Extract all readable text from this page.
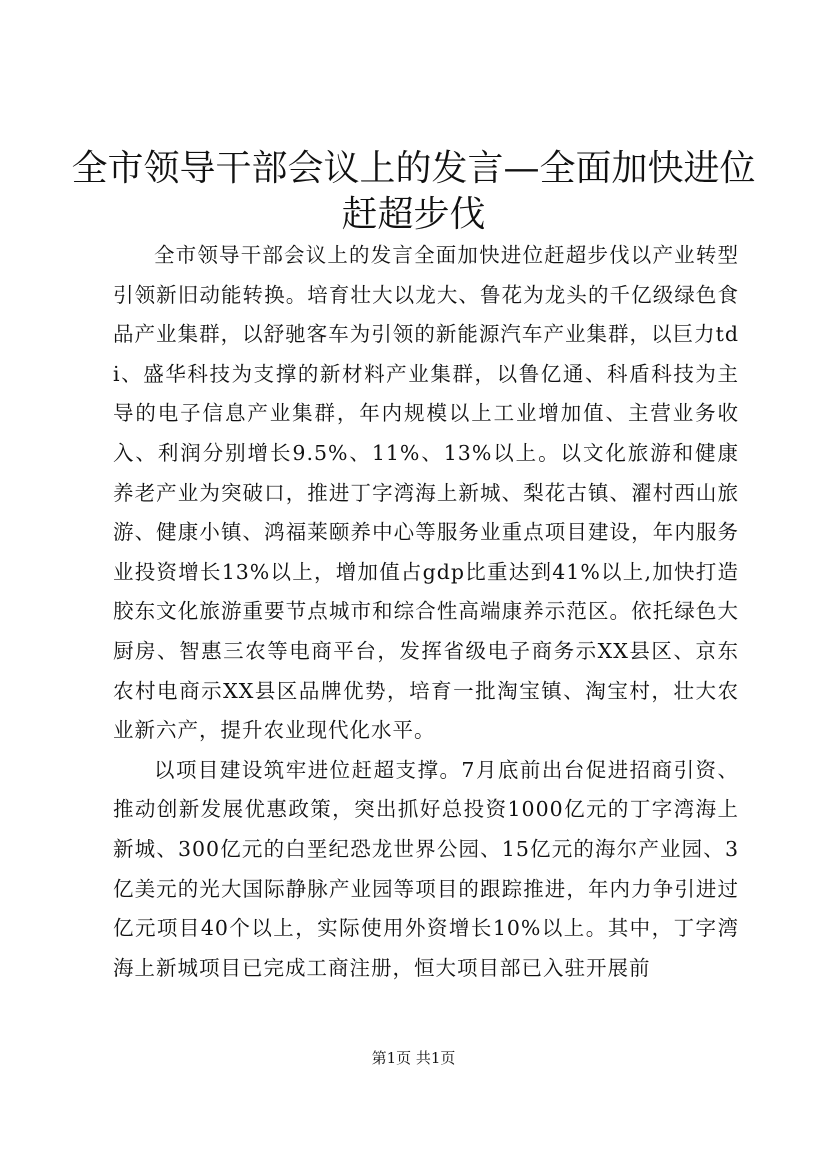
全市领导干部会议上的发言—全面加快进位赶超步伐

全市领导干部会议上的发言全面加快进位赶超步伐以产业转型引领新旧动能转换。培育壮大以龙大、鲁花为龙头的千亿级绿色食品产业集群，以舒驰客车为引领的新能源汽车产业集群，以巨力tdi、盛华科技为支撑的新材料产业集群，以鲁亿通、科盾科技为主导的电子信息产业集群，年内规模以上工业增加值、主营业务收入、利润分别增长9.5%、11%、13%以上。以文化旅游和健康养老产业为突破口，推进丁字湾海上新城、梨花古镇、濯村西山旅游、健康小镇、鸿福莱颐养中心等服务业重点项目建设，年内服务业投资增长13%以上，增加值占gdp比重达到41%以上,加快打造胶东文化旅游重要节点城市和综合性高端康养示范区。依托绿色大厨房、智惠三农等电商平台，发挥省级电子商务示XX县区、京东农村电商示XX县区品牌优势，培育一批淘宝镇、淘宝村，壮大农业新六产，提升农业现代化水平。

以项目建设筑牢进位赶超支撑。7月底前出台促进招商引资、推动创新发展优惠政策，突出抓好总投资1000亿元的丁字湾海上新城、300亿元的白垩纪恐龙世界公园、15亿元的海尔产业园、3亿美元的光大国际静脉产业园等项目的跟踪推进，年内力争引进过亿元项目40个以上，实际使用外资增长10%以上。其中，丁字湾海上新城项目已完成工商注册，恒大项目部已入驻开展前

第1页 共1页
